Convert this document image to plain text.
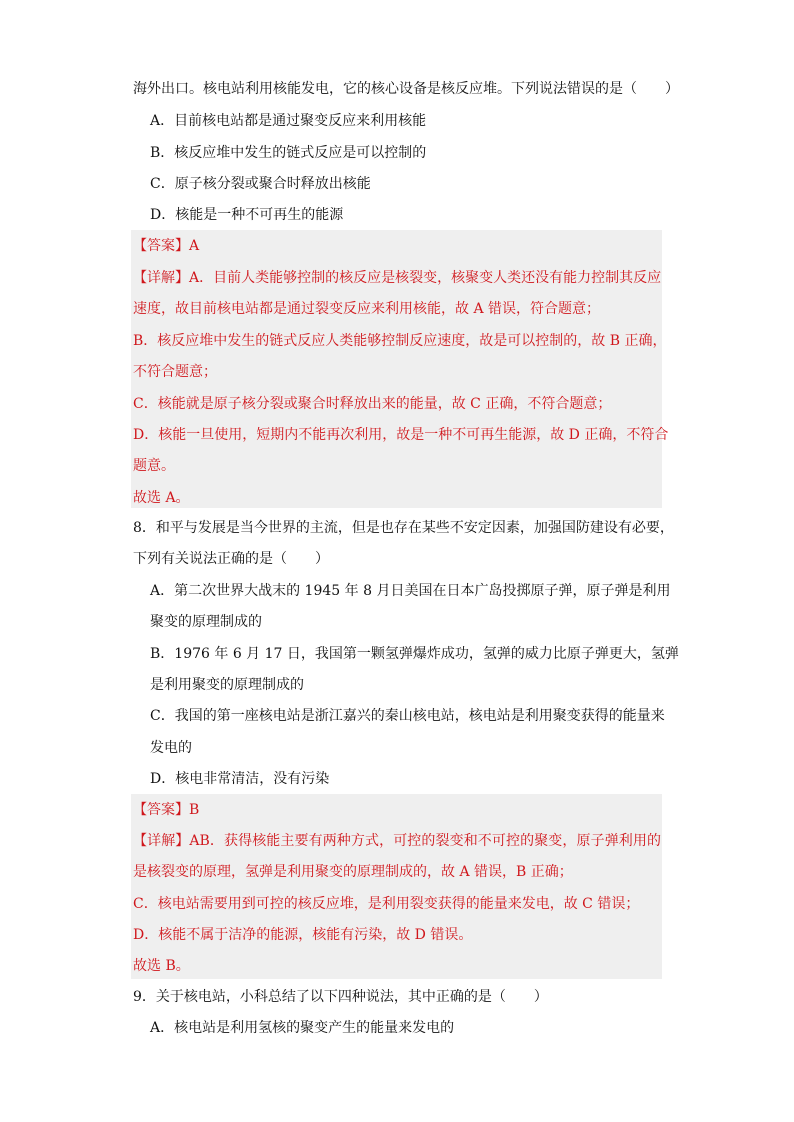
海外出口。核电站利用核能发电，它的核心设备是核反应堆。下列说法错误的是（　　）
A．目前核电站都是通过聚变反应来利用核能
B．核反应堆中发生的链式反应是可以控制的
C．原子核分裂或聚合时释放出核能
D．核能是一种不可再生的能源
【答案】A
【详解】A．目前人类能够控制的核反应是核裂变，核聚变人类还没有能力控制其反应
速度，故目前核电站都是通过裂变反应来利用核能，故 A 错误，符合题意；
B．核反应堆中发生的链式反应人类能够控制反应速度，故是可以控制的，故 B 正确，
不符合题意；
C．核能就是原子核分裂或聚合时释放出来的能量，故 C 正确，不符合题意；
D．核能一旦使用，短期内不能再次利用，故是一种不可再生能源，故 D 正确，不符合
题意。
故选 A。
8．和平与发展是当今世界的主流，但是也存在某些不安定因素，加强国防建设有必要，
下列有关说法正确的是（　　）
A．第二次世界大战末的 1945 年 8 月日美国在日本广岛投掷原子弹，原子弹是利用
聚变的原理制成的
B．1976 年 6 月 17 日，我国第一颗氢弹爆炸成功，氢弹的威力比原子弹更大，氢弹
是利用聚变的原理制成的
C．我国的第一座核电站是浙江嘉兴的秦山核电站，核电站是利用聚变获得的能量来
发电的
D．核电非常清洁，没有污染
【答案】B
【详解】AB．获得核能主要有两种方式，可控的裂变和不可控的聚变，原子弹利用的
是核裂变的原理，氢弹是利用聚变的原理制成的，故 A 错误，B 正确；
C．核电站需要用到可控的核反应堆，是利用裂变获得的能量来发电，故 C 错误；
D．核能不属于洁净的能源，核能有污染，故 D 错误。
故选 B。
9．关于核电站，小科总结了以下四种说法，其中正确的是（　　）
A．核电站是利用氢核的聚变产生的能量来发电的
